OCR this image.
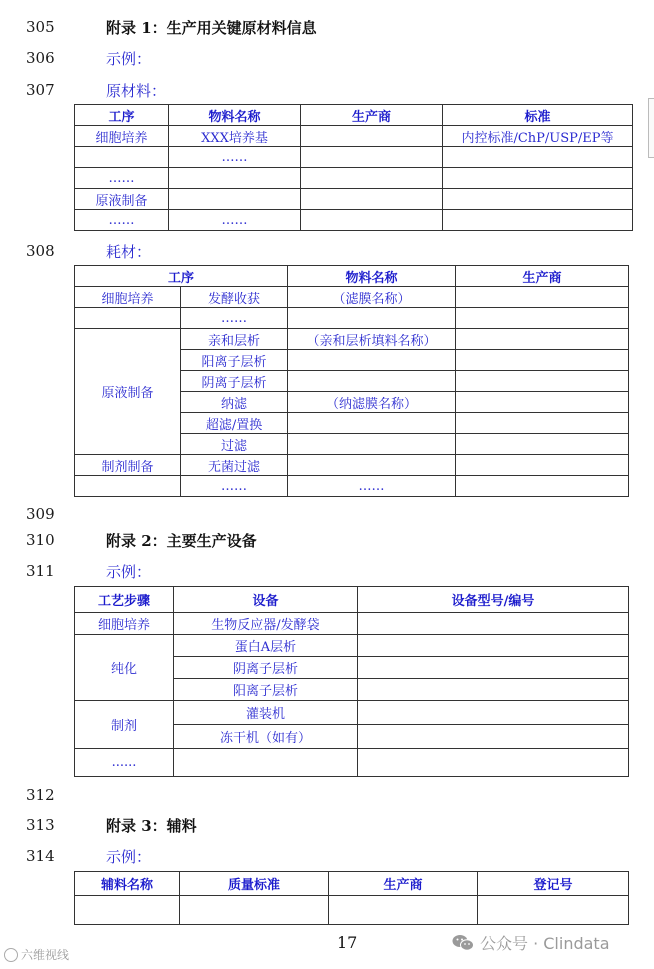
305	附录 1：生产用关键原材料信息
306	示例：
307	原材料：
工序	物料名称	生产商	标准
细胞培养	XXX培养基		内控标准/ChP/USP/EP等
	……		
……			
原液制备			
……	……		
308	耗材：
工序		物料名称	生产商
细胞培养	发酵收获	（滤膜名称）	
	……		
原液制备	亲和层析	（亲和层析填料名称）	
	阳离子层析		
	阴离子层析		
	纳滤	（纳滤膜名称）	
	超滤/置换		
	过滤		
制剂制备	无菌过滤		
	……	……	
309
310	附录 2：主要生产设备
311	示例：
工艺步骤	设备	设备型号/编号
细胞培养	生物反应器/发酵袋	
纯化	蛋白A层析	
	阴离子层析	
	阳离子层析	
制剂	灌装机	
	冻干机（如有）	
......		
312
313	附录 3：辅料
314	示例：
辅料名称	质量标准	生产商	登记号

17
六维视线
公众号 · Clindata
